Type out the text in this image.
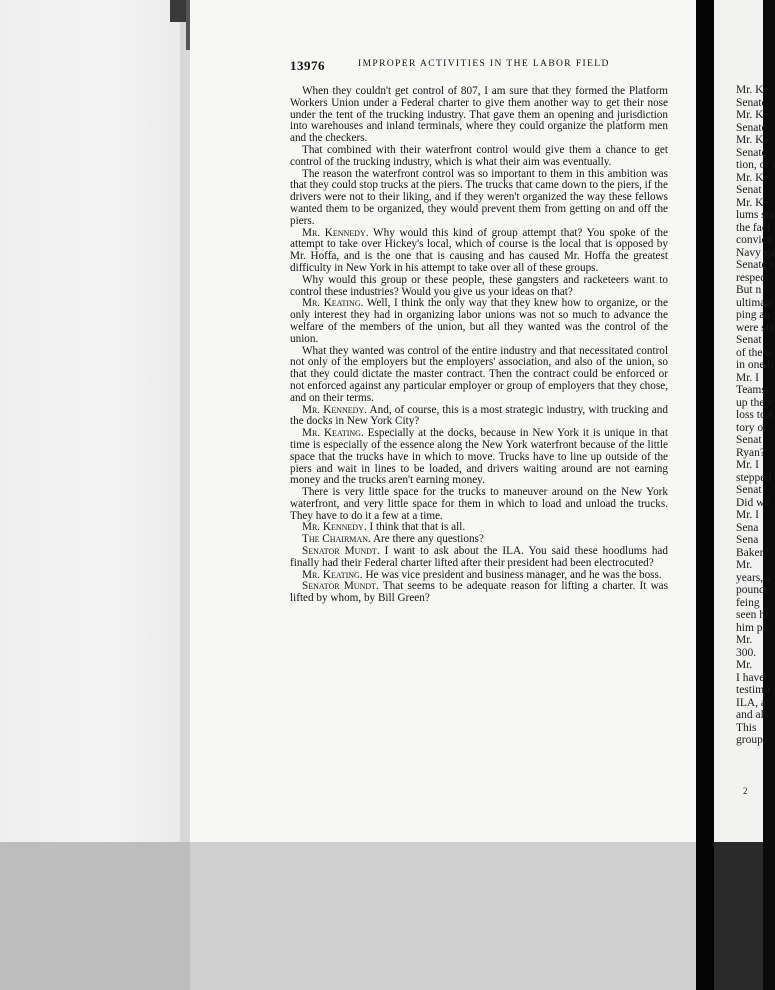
Mr. K
Senato
Mr. K
Senato
Mr. K
Senato
tion, or i
Mr. K
Senat
Mr. K
lums sta
the fact
convicti
Navy ga
Senate s
respect
But n
ultimate
ping an
were sta
Senat
of the u
in one b
Mr. I
Teamst
up the v
loss to t
tory of
Senat
Ryan?
Mr. I
stepped
Senat
Did we
Mr. I
Sena
Sena
Baker?
Mr.
years, s
pounds
feing
seen hi
him pic
Mr.
300.
Mr.
I have
testimo
ILA, a
and als
This
group
2
13976	IMPROPER ACTIVITIES IN THE LABOR FIELD

When they couldn't get control of 807, I am sure that they formed the Platform Workers Union under a Federal charter to give them another way to get their nose under the tent of the trucking industry. That gave them an opening and jurisdiction into warehouses and inland terminals, where they could organize the platform men and the checkers.

That combined with their waterfront control would give them a chance to get control of the trucking industry, which is what their aim was eventually.

The reason the waterfront control was so important to them in this ambition was that they could stop trucks at the piers. The trucks that came down to the piers, if the drivers were not to their liking, and if they weren't organized the way these fellows wanted them to be organized, they would prevent them from getting on and off the piers.

Mr. Kennedy. Why would this kind of group attempt that? You spoke of the attempt to take over Hickey's local, which of course is the local that is opposed by Mr. Hoffa, and is the one that is causing and has caused Mr. Hoffa the greatest difficulty in New York in his attempt to take over all of these groups.

Why would this group or these people, these gangsters and racketeers want to control these industries? Would you give us your ideas on that?

Mr. Keating. Well, I think the only way that they knew how to organize, or the only interest they had in organizing labor unions was not so much to advance the welfare of the members of the union, but all they wanted was the control of the union.

What they wanted was control of the entire industry and that necessitated control not only of the employers but the employers' association, and also of the union, so that they could dictate the master contract. Then the contract could be enforced or not enforced against any particular employer or group of employers that they chose, and on their terms.

Mr. Kennedy. And, of course, this is a most strategic industry, with trucking and the docks in New York City?

Mr. Keating. Especially at the docks, because in New York it is unique in that time is especially of the essence along the New York waterfront because of the little space that the trucks have in which to move. Trucks have to line up outside of the piers and wait in lines to be loaded, and drivers waiting around are not earning money and the trucks aren't earning money.

There is very little space for the trucks to maneuver around on the New York waterfront, and very little space for them in which to load and unload the trucks. They have to do it a few at a time.

Mr. Kennedy. I think that that is all.

The Chairman. Are there any questions?

Senator Mundt. I want to ask about the ILA. You said these hoodlums had finally had their Federal charter lifted after their president had been electrocuted?

Mr. Keating. He was vice president and business manager, and he was the boss.

Senator Mundt. That seems to be adequate reason for lifting a charter. It was lifted by whom, by Bill Green?
